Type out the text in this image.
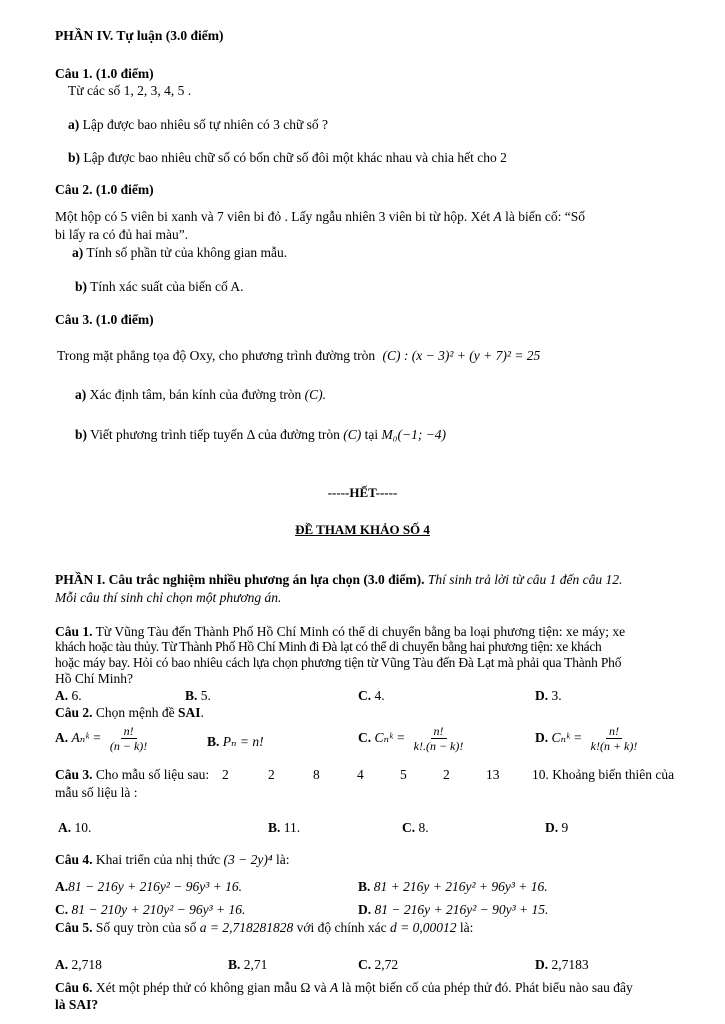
PHẦN IV. Tự luận (3.0 điểm)
Câu 1. (1.0 điểm)
Từ các số 1, 2, 3, 4, 5 .
a) Lập được bao nhiêu số tự nhiên có 3 chữ số ?
b) Lập được bao nhiêu chữ số có bốn chữ số đôi một khác nhau và chia hết cho 2
Câu 2. (1.0 điểm)
Một hộp có 5 viên bi xanh và 7 viên bi đỏ . Lấy ngẫu nhiên 3 viên bi từ hộp. Xét A là biến cố: “Số
bi lấy ra có đủ hai màu”.
a) Tính số phần tử của không gian mẫu.
b) Tính xác suất của biến cố A.
Câu 3. (1.0 điểm)
Trong mặt phẳng tọa độ Oxy, cho phương trình đường tròn (C) : (x − 3)² + (y + 7)² = 25
a) Xác định tâm, bán kính của đường tròn (C).
b) Viết phương trình tiếp tuyến Δ của đường tròn (C) tại M₀(−1; −4)
-----HẾT-----
ĐỀ THAM KHẢO SỐ 4
PHẦN I. Câu trắc nghiệm nhiều phương án lựa chọn (3.0 điểm). Thí sinh trả lời từ câu 1 đến câu 12.
Mỗi câu thí sinh chỉ chọn một phương án.
Câu 1. Từ Vũng Tàu đến Thành Phố Hồ Chí Minh có thể di chuyển bằng ba loại phương tiện: xe máy; xe
khách hoặc tàu thủy. Từ Thành Phố Hồ Chí Minh đi Đà lạt có thể di chuyển bằng hai phương tiện: xe khách
hoặc máy bay. Hỏi có bao nhiêu cách lựa chọn phương tiện từ Vũng Tàu đến Đà Lạt mà phải qua Thành Phố
Hồ Chí Minh?
A. 6.	B. 5.	C. 4.	D. 3.
Câu 2. Chọn mệnh đề SAI.
A. Aₙᵏ = $\frac{n!}{(n - k)!}$	B. Pₙ = n!	C. Cₙᵏ = $\frac{n!}{k!.(n - k)!}$	D. Cₙᵏ = $\frac{n!}{k!(n + k)!}$
Câu 3. Cho mẫu số liệu sau: 2	2	8	4	5	2	13 10. Khoảng biến thiên của
mẫu số liệu là :
A. 10.	B. 11.	C. 8.	D. 9
Câu 4. Khai triển của nhị thức (3 − 2y)⁴ là:
A.81 − 216y + 216y² − 96y³ + 16.	B. 81 + 216y + 216y² + 96y³ + 16.
C. 81 − 210y + 210y² − 96y³ + 16.	D. 81 − 216y + 216y² − 90y³ + 15.
Câu 5. Số quy tròn của số a = 2,718281828 với độ chính xác d = 0,00012 là:
A. 2,718	B. 2,71	C. 2,72	D. 2,7183
Câu 6. Xét một phép thử có không gian mẫu Ω và A là một biến cố của phép thử đó. Phát biểu nào sau đây
là SAI?
